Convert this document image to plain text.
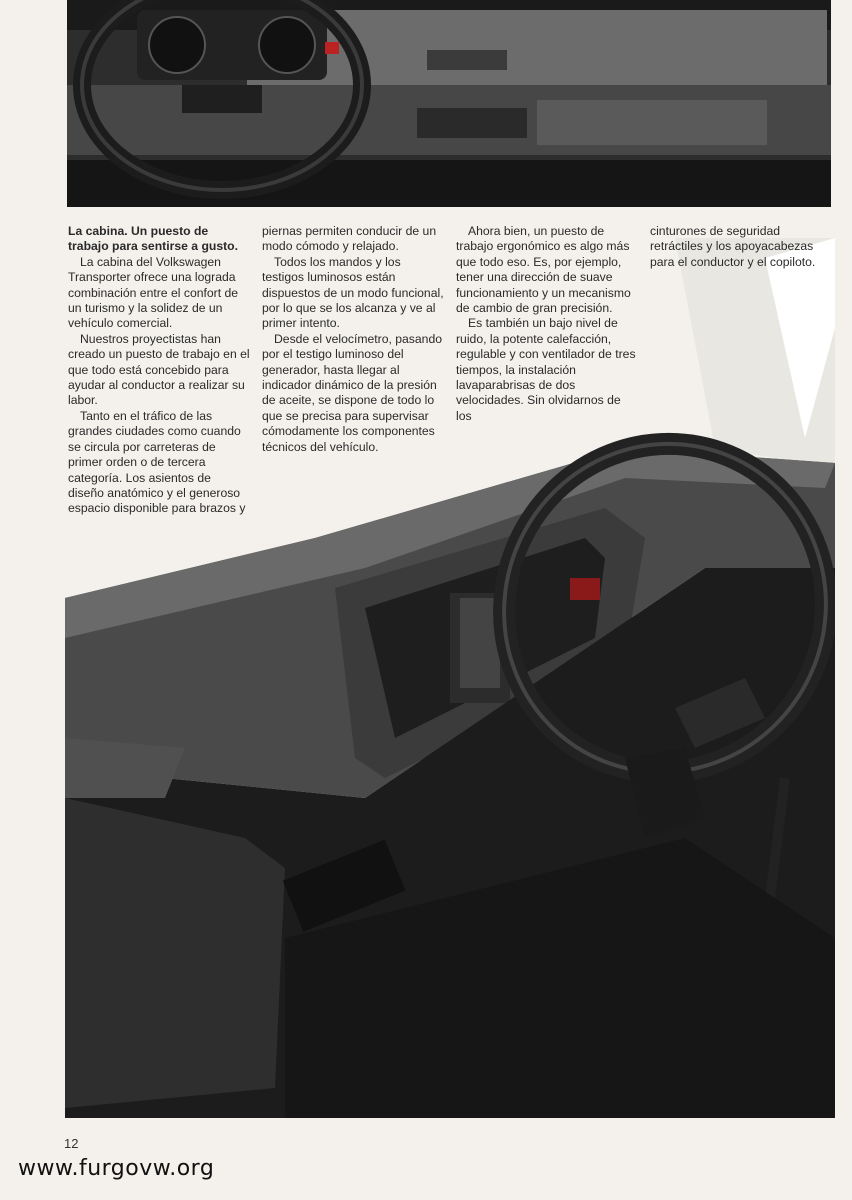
La cabina. Un puesto de trabajo para sentirse a gusto.

La cabina del Volkswagen Transporter ofrece una lograda combinación entre el confort de un turismo y la solidez de un vehículo comercial.

Nuestros proyectistas han creado un puesto de trabajo en el que todo está concebido para ayudar al conductor a realizar su labor.

Tanto en el tráfico de las grandes ciudades como cuando se circula por carreteras de primer orden o de tercera categoría. Los asientos de diseño anatómico y el generoso espacio disponible para brazos y

piernas permiten conducir de un modo cómodo y relajado.

Todos los mandos y los testigos luminosos están dispuestos de un modo funcional, por lo que se los alcanza y ve al primer intento.

Desde el velocímetro, pasando por el testigo luminoso del generador, hasta llegar al indicador dinámico de la presión de aceite, se dispone de todo lo que se precisa para supervisar cómodamente los componentes técnicos del vehículo.

Ahora bien, un puesto de trabajo ergonómico es algo más que todo eso. Es, por ejemplo, tener una dirección de suave funcionamiento y un mecanismo de cambio de gran precisión.

Es también un bajo nivel de ruido, la potente calefacción, regulable y con ventilador de tres tiempos, la instalación lavaparabrisas de dos velocidades. Sin olvidarnos de los

cinturones de seguridad retráctiles y los apoyacabezas para el conductor y el copiloto.

12
www.furgovw.org
